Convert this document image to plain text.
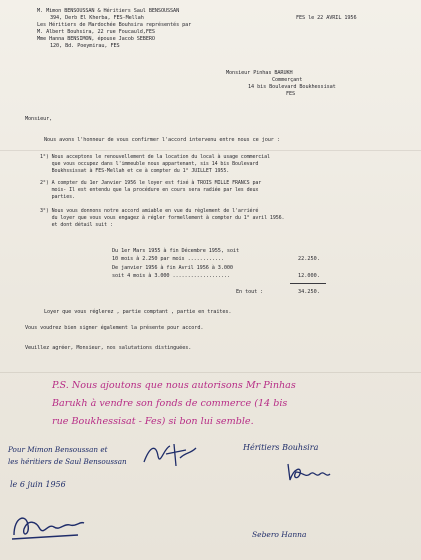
M. Mimon BENSOUSSAN & Héritiers Saul BENSOUSSAN
394, Derb El Kherba, FES-Mellah
Les Héritiers de Mardochée Bouhsira représentés par
M. Albert Bouhsira, 22 rue Foucauld,FES
Mme Hanna BENSIMON, épouse Jacob SEBERO
120, Bd. Poeymirau, FES
FES le 22 AVRIL 1956
Monsieur Pinhas BARUKH
Commerçant
14 bis Boulevard Boukhessisat
FES
Monsieur,
Nous avons l'honneur de vous confirmer l'accord intervenu entre nous ce jour :
1°) Nous acceptons le renouvellement de la location du local à usage commercial
que vous occupez dans l'immeuble nous appartenant, sis 14 bis Boulevard
Boukhssissat à FES-Mellah et ce à compter du 1° JUILLET 1955.
2°) A compter du 1er Janvier 1956 le loyer est fixé à TROIS MILLE FRANCS par
mois- Il est entendu que la procédure en cours sera radiée par les deux
parties.
3°) Nous vous donnons notre accord amiable en vue du règlement de l'arriéré
du loyer que vous vous engagez à régler formellement à compter du 1° avril 1956.
et dont détail suit :
Du 1er Mars 1955 à fin Décembre 1955, soit
10 mois à 2.250 par mois ............	22.250.
De janvier 1956 à fin Avril 1956 à 3.000
soit 4 mois à 3.000 ...................	12.000.
En tout :	34.250.
Loyer que vous réglerez , partie comptant , partie en traites.
Vous voudrez bien signer également la présente pour accord.
Veuillez agréer, Monsieur, nos salutations distinguées.
P.S. Nous ajoutons que nous autorisons Mr Pinhas
Barukh à vendre son fonds de commerce (14 bis
rue Boukhessisat - Fes) si bon lui semble.
Pour Mimon Bensoussan et
les héritiers de Saul Bensoussan
le 6 juin 1956
Héritiers Bouhsira
Sebero Hanna
